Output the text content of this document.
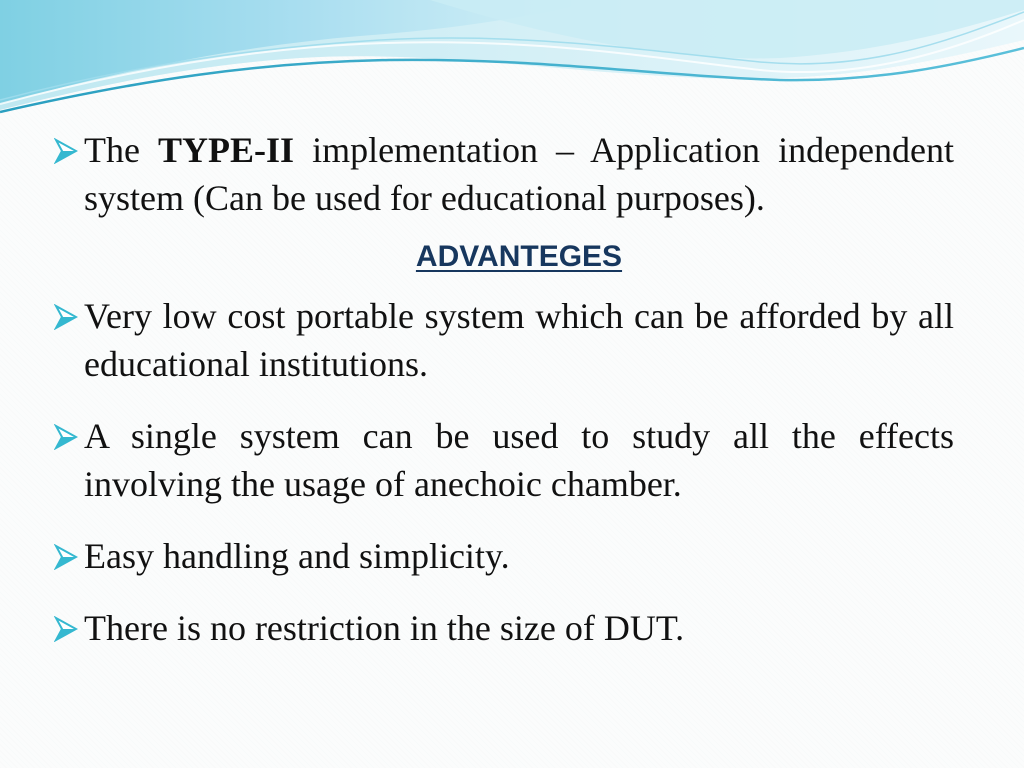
The TYPE-II implementation – Application independent system (Can be used for educational purposes).
ADVANTEGES
Very low cost portable system which can be afforded by all educational institutions.
A single system can be used to study all the effects involving the usage of anechoic chamber.
Easy handling and simplicity.
There is no restriction in the size of DUT.
